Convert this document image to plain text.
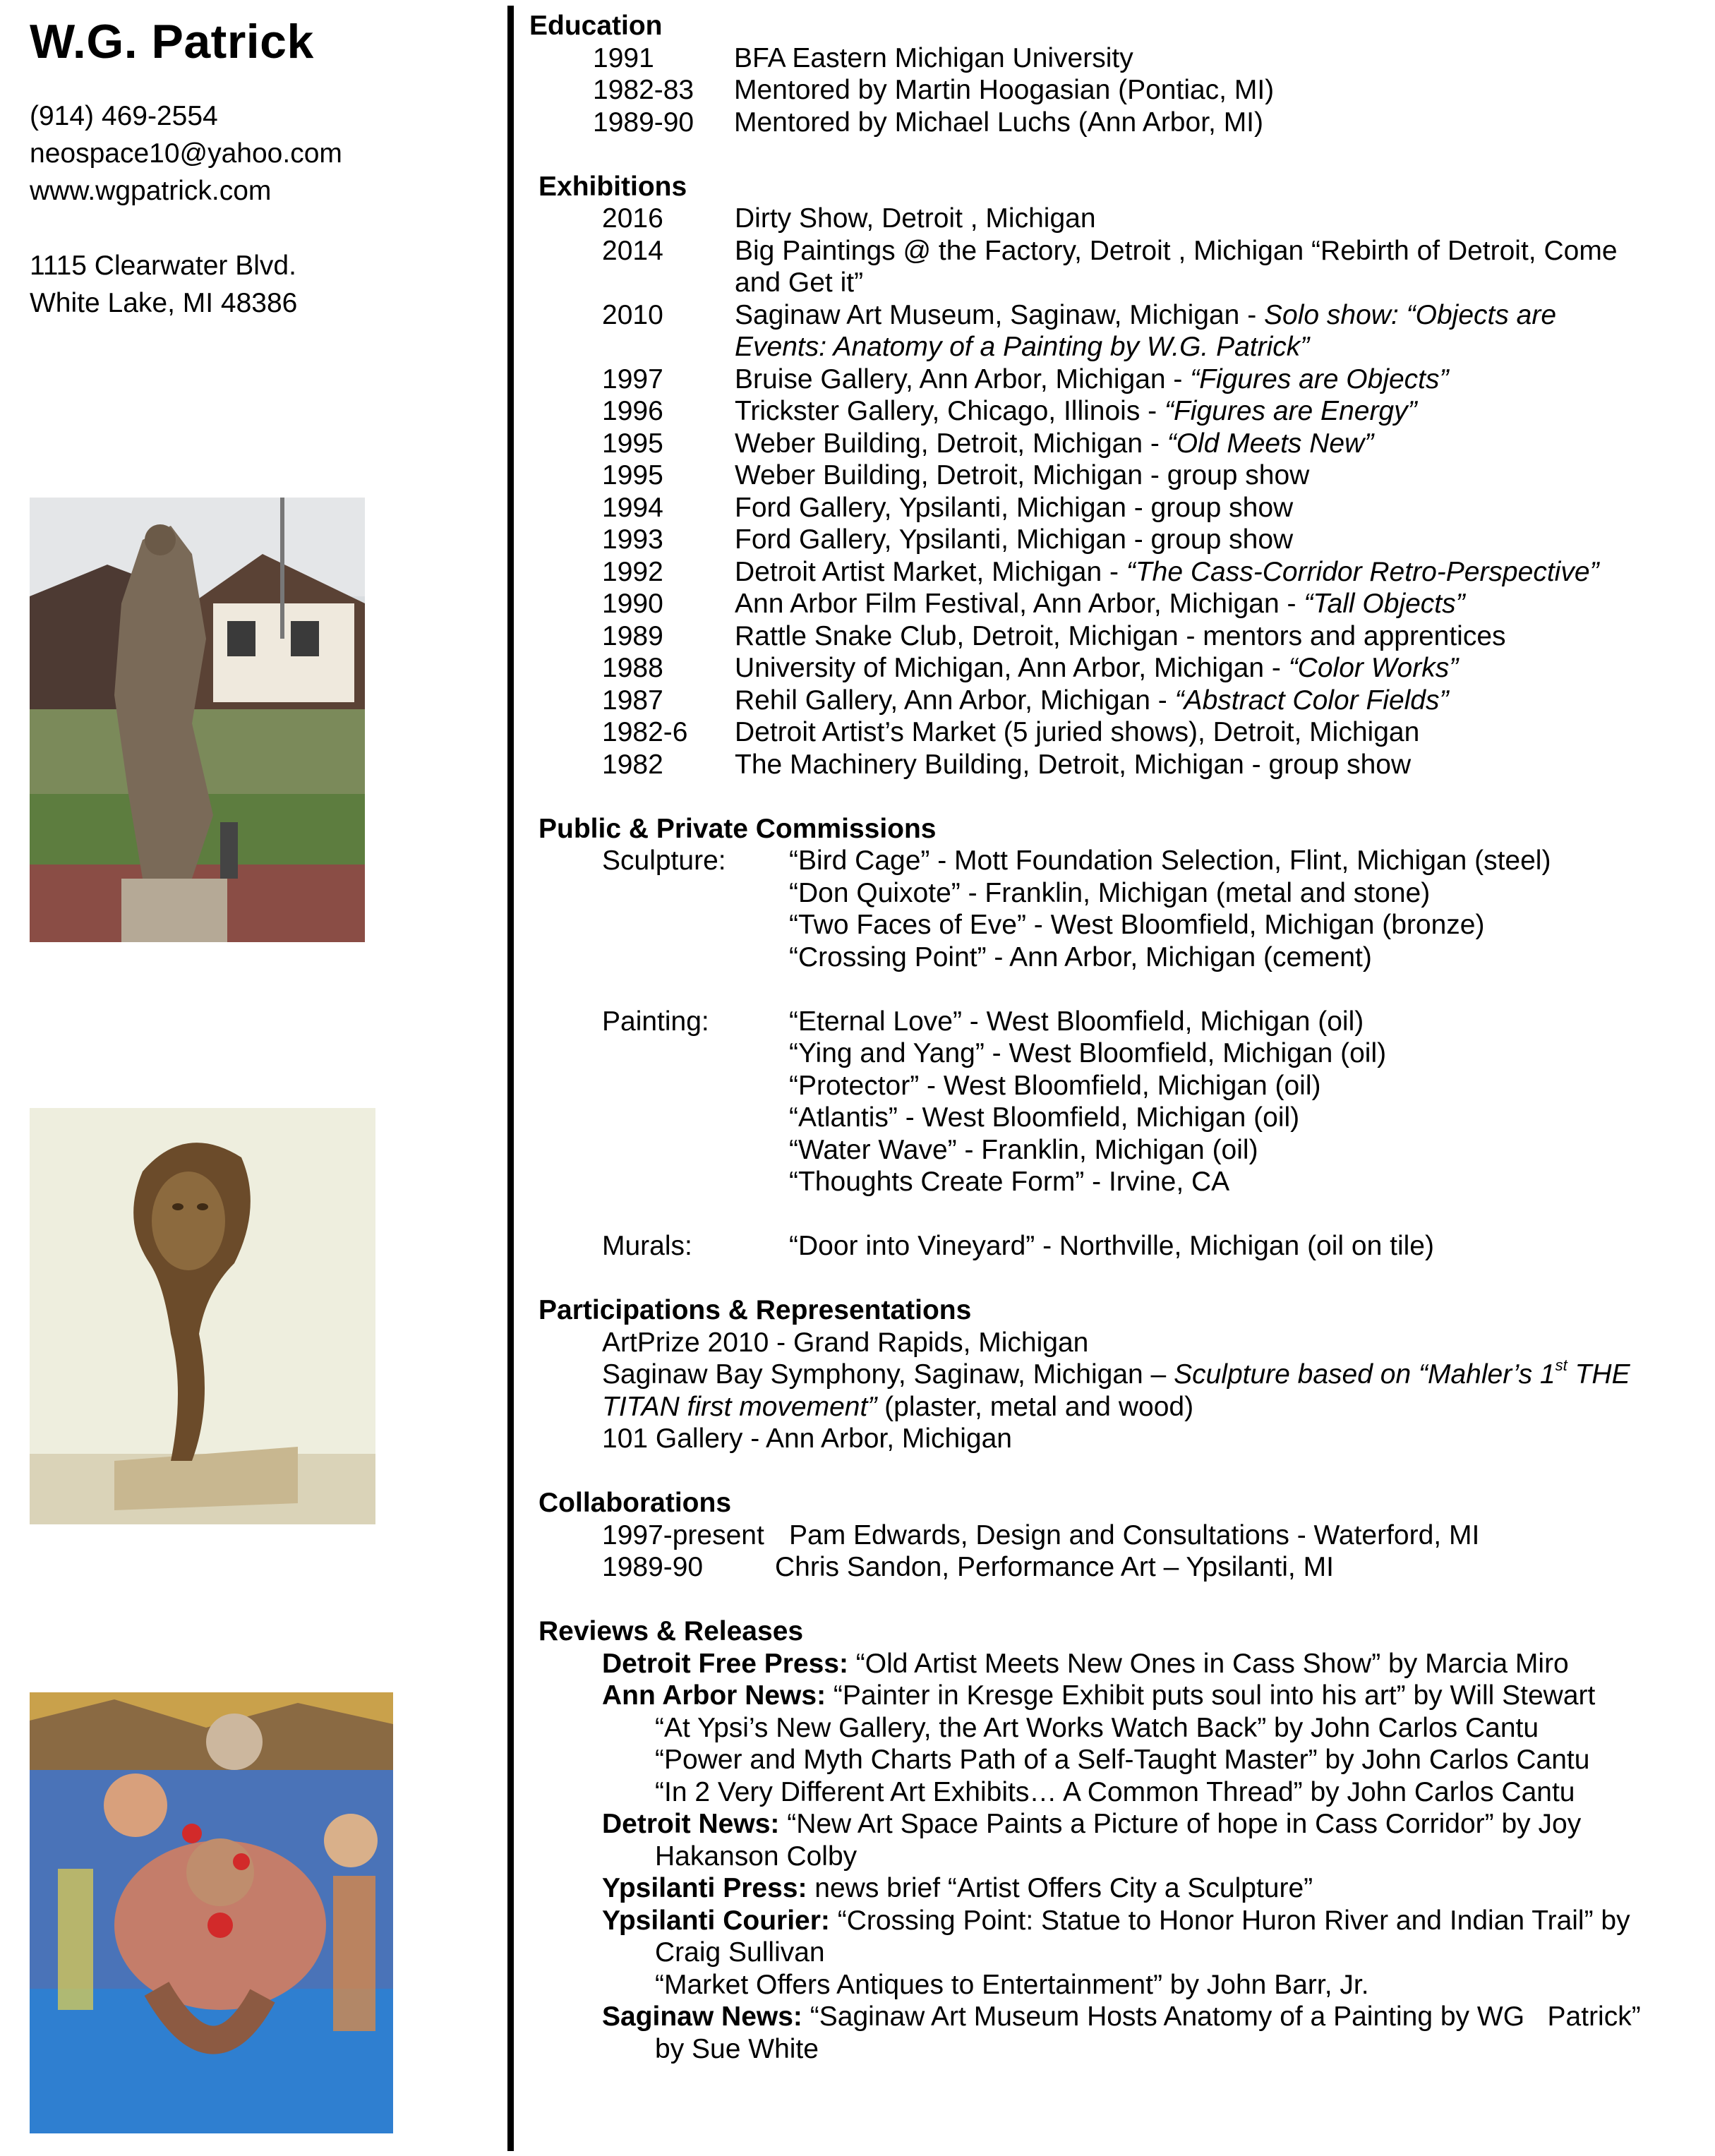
W.G. Patrick
(914) 469-2554
neospace10@yahoo.com
www.wgpatrick.com
1115 Clearwater Blvd.
White Lake, MI 48386
Education
1991	BFA Eastern Michigan University
1982-83	Mentored by Martin Hoogasian (Pontiac, MI)
1989-90	Mentored by Michael Luchs (Ann Arbor, MI)
Exhibitions
2016	Dirty Show, Detroit , Michigan
2014	Big Paintings @ the Factory, Detroit , Michigan “Rebirth of Detroit, Come
and Get it”
2010	Saginaw Art Museum, Saginaw, Michigan - Solo show: “Objects are
Events: Anatomy of a Painting by W.G. Patrick”
1997	Bruise Gallery, Ann Arbor, Michigan - “Figures are Objects”
1996	Trickster Gallery, Chicago, Illinois - “Figures are Energy”
1995	Weber Building, Detroit, Michigan - “Old Meets New”
1995	Weber Building, Detroit, Michigan - group show
1994	Ford Gallery, Ypsilanti, Michigan - group show
1993	Ford Gallery, Ypsilanti, Michigan - group show
1992	Detroit Artist Market, Michigan - “The Cass-Corridor Retro-Perspective”
1990	Ann Arbor Film Festival, Ann Arbor, Michigan - “Tall Objects”
1989	Rattle Snake Club, Detroit, Michigan - mentors and apprentices
1988	University of Michigan, Ann Arbor, Michigan - “Color Works”
1987	Rehil Gallery, Ann Arbor, Michigan - “Abstract Color Fields”
1982-6	Detroit Artist’s Market (5 juried shows), Detroit, Michigan
1982	The Machinery Building, Detroit, Michigan - group show
Public & Private Commissions
Sculpture:	“Bird Cage” - Mott Foundation Selection, Flint, Michigan (steel)
“Don Quixote” - Franklin, Michigan (metal and stone)
“Two Faces of Eve” - West Bloomfield, Michigan (bronze)
“Crossing Point” - Ann Arbor, Michigan (cement)
Painting:	“Eternal Love” - West Bloomfield, Michigan (oil)
“Ying and Yang” - West Bloomfield, Michigan (oil)
“Protector” - West Bloomfield, Michigan (oil)
“Atlantis” - West Bloomfield, Michigan (oil)
“Water Wave” - Franklin, Michigan (oil)
“Thoughts Create Form” - Irvine, CA
Murals:	“Door into Vineyard” - Northville, Michigan (oil on tile)
Participations & Representations
ArtPrize 2010 - Grand Rapids, Michigan
Saginaw Bay Symphony, Saginaw, Michigan – Sculpture based on “Mahler’s 1st THE
TITAN first movement” (plaster, metal and wood)
101 Gallery - Ann Arbor, Michigan
Collaborations
1997-present Pam Edwards, Design and Consultations - Waterford, MI
1989-90	Chris Sandon, Performance Art – Ypsilanti, MI
Reviews & Releases
Detroit Free Press: “Old Artist Meets New Ones in Cass Show” by Marcia Miro
Ann Arbor News: “Painter in Kresge Exhibit puts soul into his art” by Will Stewart
“At Ypsi’s New Gallery, the Art Works Watch Back” by John Carlos Cantu
“Power and Myth Charts Path of a Self-Taught Master” by John Carlos Cantu
“In 2 Very Different Art Exhibits… A Common Thread” by John Carlos Cantu
Detroit News: “New Art Space Paints a Picture of hope in Cass Corridor” by Joy
Hakanson Colby
Ypsilanti Press: news brief “Artist Offers City a Sculpture”
Ypsilanti Courier: “Crossing Point: Statue to Honor Huron River and Indian Trail” by
Craig Sullivan
“Market Offers Antiques to Entertainment” by John Barr, Jr.
Saginaw News: “Saginaw Art Museum Hosts Anatomy of a Painting by WG   Patrick”
by Sue White
